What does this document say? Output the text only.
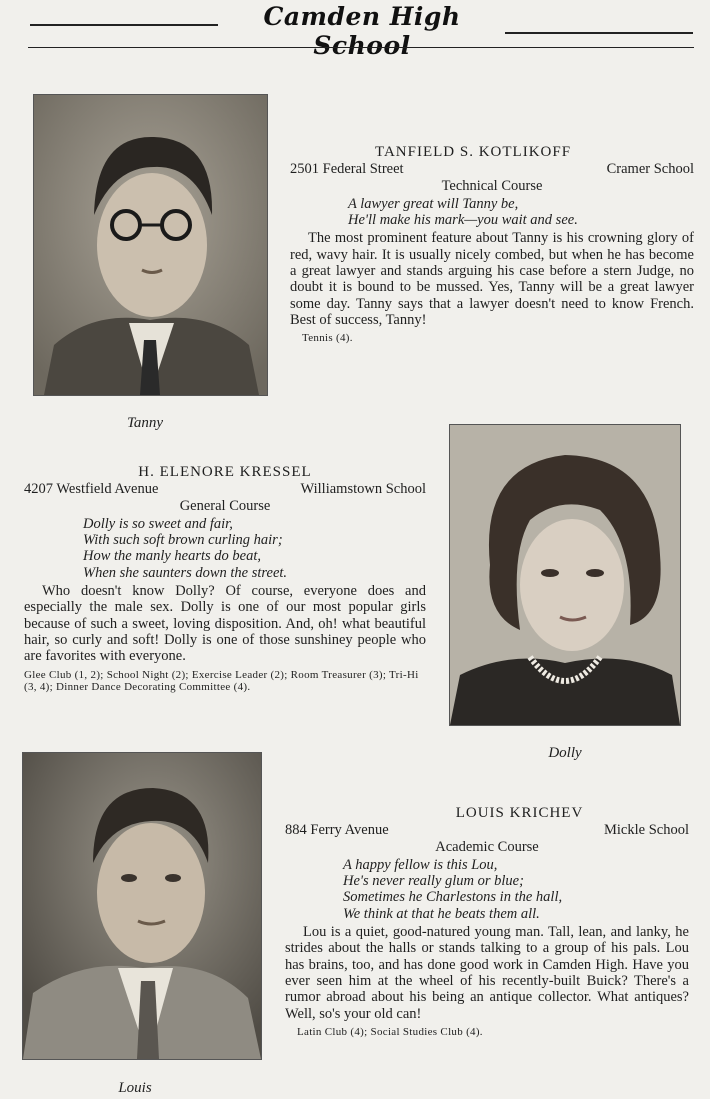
Camden High School
Tanny
TANFIELD S. KOTLIKOFF
2501 Federal Street	Cramer School
Technical Course
A lawyer great will Tanny be,
He'll make his mark—you wait and see.
The most prominent feature about Tanny is his crowning glory of red, wavy hair. It is usually nicely combed, but when he has become a great lawyer and stands arguing his case before a stern Judge, no doubt it is bound to be mussed. Yes, Tanny will be a great lawyer some day. Tanny says that a lawyer doesn't need to know French. Best of success, Tanny!
Tennis (4).
Dolly
H. ELENORE KRESSEL
4207 Westfield Avenue	Williamstown School
General Course
Dolly is so sweet and fair,
With such soft brown curling hair;
How the manly hearts do beat,
When she saunters down the street.
Who doesn't know Dolly? Of course, everyone does and especially the male sex. Dolly is one of our most popular girls because of such a sweet, loving disposition. And, oh! what beautiful hair, so curly and soft! Dolly is one of those sunshiney people who are favorites with everyone.
Glee Club (1, 2); School Night (2); Exercise Leader (2); Room Treasurer (3); Tri-Hi (3, 4); Dinner Dance Decorating Committee (4).
Louis
LOUIS KRICHEV
884 Ferry Avenue	Mickle School
Academic Course
A happy fellow is this Lou,
He's never really glum or blue;
Sometimes he Charlestons in the hall,
We think at that he beats them all.
Lou is a quiet, good-natured young man. Tall, lean, and lanky, he strides about the halls or stands talking to a group of his pals. Lou has brains, too, and has done good work in Camden High. Have you ever seen him at the wheel of his recently-built Buick? There's a rumor abroad about his being an antique collector. What antiques? Well, so's your old can!
Latin Club (4); Social Studies Club (4).
